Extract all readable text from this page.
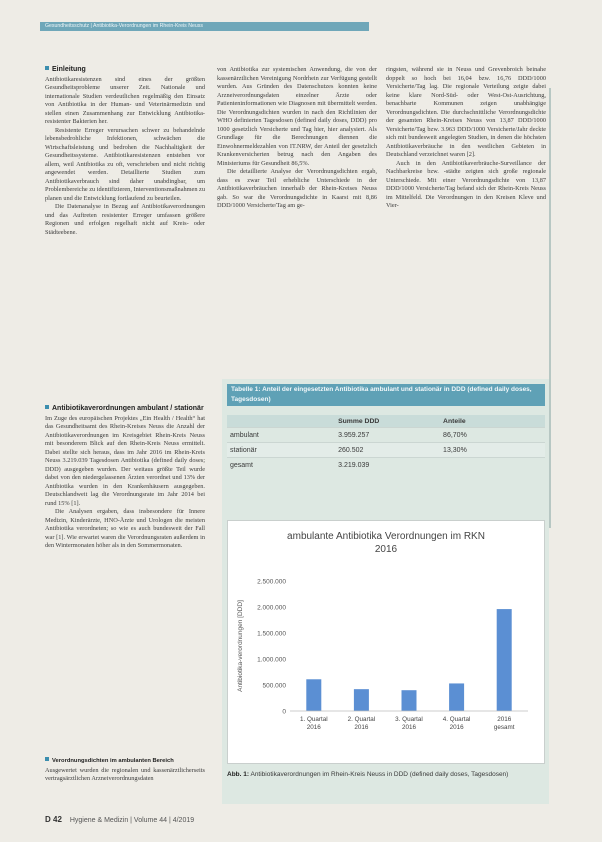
Gesundheitsschutz | Antibiotika-Verordnungen im Rhein-Kreis Neuss
Einleitung

Antibiotikaresistenzen sind eines der größten Gesundheitsprobleme unserer Zeit. Nationale und internationale Studien verdeutlichen regelmäßig den Einsatz von Antibiotika in der Human- und Veterinärmedizin und stellen einen Zusammenhang zur Entwicklung Antibiotika-resistenter Bakterien her.

Resistente Erreger verursachen schwer zu behandelnde lebensbedrohliche Infektionen, schwächen die Wirtschaftsleistung und bedrohen die Nachhaltigkeit der Gesundheitssysteme. Antibiotikaresistenzen entstehen vor allem, weil Antibiotika zu oft, verschrieben und nicht richtig angewendet werden. Detaillierte Studien zum Antibiotikaverbrauch sind daher unabdingbar, um Problembereiche zu identifizieren, Interventionsmaßnahmen zu planen und die Entwicklung fortlaufend zu beurteilen.

Die Datenanalyse in Bezug auf Antibiotikaverordnungen und das Auftreten resistenter Erreger umfassen größere Regionen und erfolgen regelhaft nicht auf Kreis- oder Städteebene.

von Antibiotika zur systemischen Anwendung, die von der kassenärztlichen Vereinigung Nordrhein zur Verfügung gestellt wurden. Aus Gründen des Datenschutzes konnten keine Arzneiverordnungsdaten einzelner Ärzte oder Patienteninformationen wie Diagnosen mit übermittelt werden. Die Verordnungsdichten wurden in nach den Richtlinien der WHO definierten Tagesdosen (defined daily doses, DDD) pro 1000 gesetzlich Versicherte und Tag hier, hier analysiert. Als Grundlage für die Berechnungen diennen die Einwohnermeldezahlen von IT.NRW, der Anteil der gesetzlich Krankenversicherten betrug nach den Angaben des Ministeriums für Gesundheit 86,5%.

Die detaillierte Analyse der Verordnungsdichten ergab, dass es zwar Teil erhebliche Unterschiede in der Antibiotikaverbräuchen innerhalb der Rhein-Kreises Neuss gab. So war die Verordnungsdichte in Kaarst mit 8,86 DDD/1000 Versicherte/Tag am ge-

ringsten, während sie in Neuss und Grevenbroich beinahe doppelt so hoch bei 16,04 bzw. 16,76 DDD/1000 Versicherte/Tag lag. Die regionale Verteilung zeigte dabei keine klare Nord-Süd- oder West-Ost-Ausrichtung, benachbarte Kommunen zeigen unabhängige Verordnungsdichten. Die durchschnittliche Verordnungsdichte der gesamten Rhein-Kreises Neuss von 13,87 DDD/1000 Versicherte/Tag bzw. 3.963 DDD/1000 Versicherte/Jahr deckte sich mit bundesweit angelegten Studien, in denen die höchsten Antibiotikaverbräuche in den westlichen Gebieten in Deutschland verzeichnet waren [2].

Auch in den Antibiotikaverbräuche-Surveillance der Nachbarkreise bzw. -städte zeigten sich große regionale Unterschiede. Mit einer Verordnungsdichte von 13,87 DDD/1000 Versicherte/Tag befand sich der Rhein-Kreis Neuss im Mittelfeld. Die Verordnungen in den Kreisen Kleve und Vier-

Antibiotikaverordnungen ambulant / stationär

Im Zuge des europäischen Projektes „Ein Health / Health“ hat das Gesundheitsamt des Rhein-Kreises Neuss die Anzahl der Antibiotikaverordnungen im Kreisgebiet Rhein-Kreis Neuss mit besonderem Blick auf den Rhein-Kreis Neuss ermittelt. Dabei stellte sich heraus, dass im Jahr 2016 im Rhein-Kreis Neuss 3.219.039 Tagesdosen Antibiotika (defined daily doses; DDD) ausgegeben wurden. Der weitaus größte Teil wurde dabei von den niedergelassenen Ärzten verordnet und 13% der Antibiotika wurden in den Krankenhäusern ausgegeben. Deutschlandweit lag die Verordnungsrate im Jahr 2014 bei rund 15% [1].

Die Analysen ergaben, dass insbesondere für Innere Medizin, Kinderärzte, HNO-Ärzte und Urologen die meisten Antibiotika verordneten; so wie es auch bundesweit der Fall war [1]. Wie erwartet waren die Verordnungsraten außerdem in den Wintermonaten höher als in den Sommermonaten.

Verordnungsdichten im ambulanten Bereich

Ausgewertet wurden die regionalen und kassenärztlicherseits vertragsärztlichen Arzneiverordnungsdaten

Tabelle 1: Anteil der eingesetzten Antibiotika ambulant und stationär in DDD (defined daily doses, Tagesdosen)
	Summe DDD	Anteile
ambulant	3.959.257	86,70%
stationär	260.502	13,30%
gesamt	3.219.039	
ambulante Antibiotika Verordnungen im RKN
2016
Antibiotika-verordnungen [DDD]
0
500.000
1.000.000
1.500.000
2.000.000
2.500.000
1. Quartal 2016
2. Quartal 2016
3. Quartal 2016
4. Quartal 2016
2016 gesamt
Abb. 1: Antibiotikaverordnungen im Rhein-Kreis Neuss in DDD (defined daily doses, Tagesdosen)
D 42 Hygiene & Medizin | Volume 44 | 4/2019
